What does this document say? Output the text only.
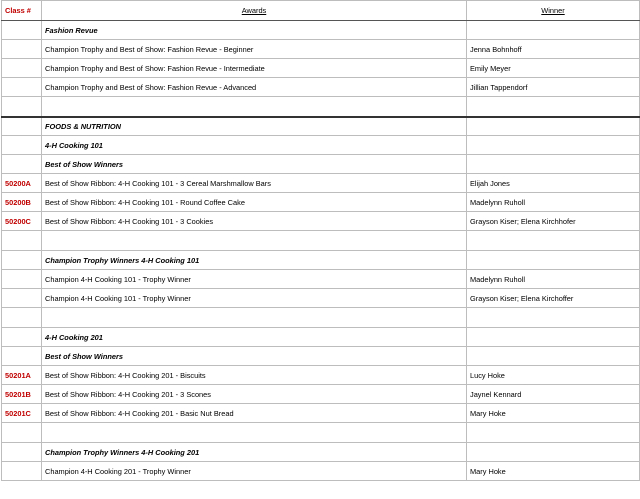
Class #	Awards	Winner
	Fashion Revue	
	Champion Trophy and Best of Show: Fashion Revue - Beginner	Jenna Bohnhoff
	Champion Trophy and Best of Show: Fashion Revue - Intermediate	Emily Meyer
	Champion Trophy and Best of Show: Fashion Revue - Advanced	Jillian Tappendorf

	FOODS & NUTRITION	
	4-H Cooking 101	
	Best of Show Winners	
50200A	Best of Show Ribbon: 4-H Cooking 101 - 3 Cereal Marshmallow Bars	Elijah Jones
50200B	Best of Show Ribbon: 4-H Cooking 101 - Round Coffee Cake	Madelynn Ruholl
50200C	Best of Show Ribbon: 4-H Cooking 101 - 3 Cookies	Grayson Kiser; Elena Kirchhofer

	Champion Trophy Winners 4-H Cooking 101	
	Champion 4-H Cooking 101 - Trophy Winner	Madelynn Ruholl
	Champion 4-H Cooking 101 - Trophy Winner	Grayson Kiser; Elena Kirchoffer

	4-H Cooking 201	
	Best of Show Winners	
50201A	Best of Show Ribbon: 4-H Cooking 201 - Biscuits	Lucy Hoke
50201B	Best of Show Ribbon: 4-H Cooking 201 - 3 Scones	Jaynel Kennard
50201C	Best of Show Ribbon: 4-H Cooking 201 - Basic Nut Bread	Mary Hoke

	Champion Trophy Winners 4-H Cooking 201	
	Champion 4-H Cooking 201 - Trophy Winner	Mary Hoke
